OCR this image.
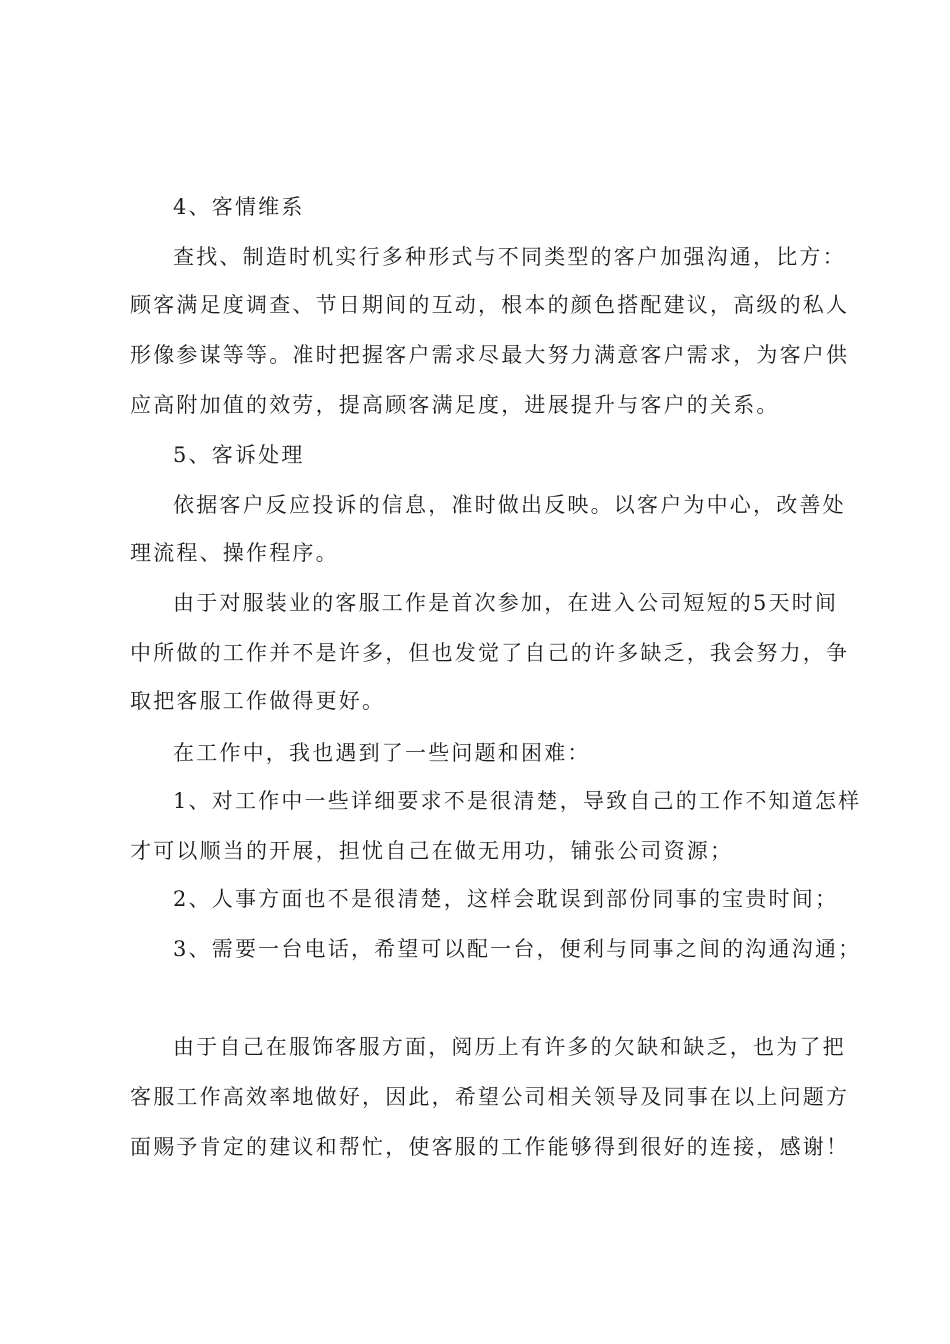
4、客情维系
查找、制造时机实行多种形式与不同类型的客户加强沟通，比方：
顾客满足度调查、节日期间的互动，根本的颜色搭配建议，高级的私人
形像参谋等等。准时把握客户需求尽最大努力满意客户需求，为客户供
应高附加值的效劳，提高顾客满足度，进展提升与客户的关系。
5、客诉处理
依据客户反应投诉的信息，准时做出反映。以客户为中心，改善处
理流程、操作程序。
由于对服装业的客服工作是首次参加，在进入公司短短的5天时间
中所做的工作并不是许多，但也发觉了自己的许多缺乏，我会努力，争
取把客服工作做得更好。
在工作中，我也遇到了一些问题和困难：
1、对工作中一些详细要求不是很清楚，导致自己的工作不知道怎样
才可以顺当的开展，担忧自己在做无用功，铺张公司资源；
2、人事方面也不是很清楚，这样会耽误到部份同事的宝贵时间；
3、需要一台电话，希望可以配一台，便利与同事之间的沟通沟通；
由于自己在服饰客服方面，阅历上有许多的欠缺和缺乏，也为了把
客服工作高效率地做好，因此，希望公司相关领导及同事在以上问题方
面赐予肯定的建议和帮忙，使客服的工作能够得到很好的连接，感谢！
